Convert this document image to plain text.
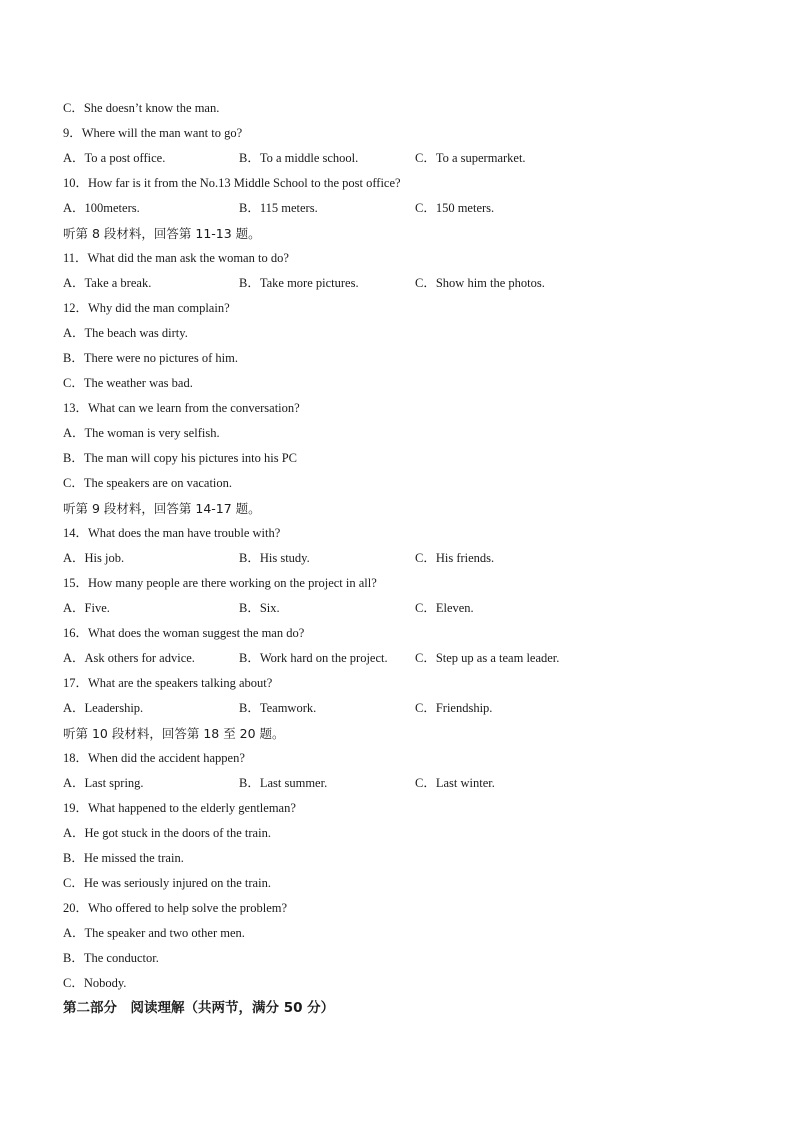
C．She doesn’t know the man.
9．Where will the man want to go?
A．To a post office.	B．To a middle school.	C．To a supermarket.
10．How far is it from the No.13 Middle School to the post office?
A．100meters.	B．115 meters.	C．150 meters.
听第 8 段材料，回答第 11-13 题。
11．What did the man ask the woman to do?
A．Take a break.	B．Take more pictures.	C．Show him the photos.
12．Why did the man complain?
A．The beach was dirty.
B．There were no pictures of him.
C．The weather was bad.
13．What can we learn from the conversation?
A．The woman is very selfish.
B．The man will copy his pictures into his PC
C．The speakers are on vacation.
听第 9 段材料，回答第 14-17 题。
14．What does the man have trouble with?
A．His job.	B．His study.	C．His friends.
15．How many people are there working on the project in all?
A．Five.	B．Six.	C．Eleven.
16．What does the woman suggest the man do?
A．Ask others for advice.	B．Work hard on the project.	C．Step up as a team leader.
17．What are the speakers talking about?
A．Leadership.	B．Teamwork.	C．Friendship.
听第 10 段材料，回答第 18 至 20 题。
18．When did the accident happen?
A．Last spring.	B．Last summer.	C．Last winter.
19．What happened to the elderly gentleman?
A．He got stuck in the doors of the train.
B．He missed the train.
C．He was seriously injured on the train.
20．Who offered to help solve the problem?
A．The speaker and two other men.
B．The conductor.
C．Nobody.
第二部分　阅读理解（共两节，满分 50 分）
